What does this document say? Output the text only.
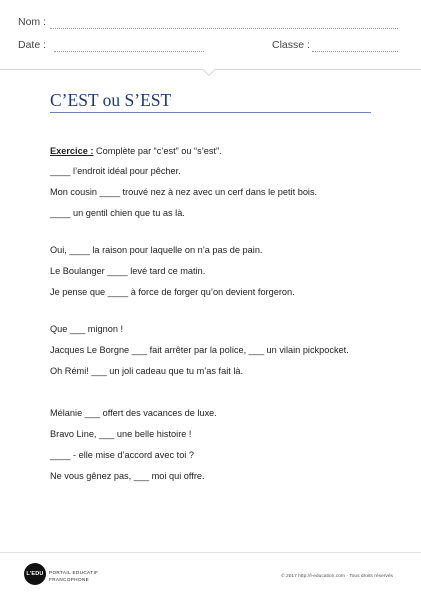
Nom :
Date :	Classe :
C’EST ou S’EST
Exercice : Complète par “c’est” ou “s’est”.
____ l’endroit idéal pour pêcher.
Mon cousin ____ trouvé nez à nez avec un cerf dans le petit bois.
____ un gentil chien que tu as là.
Oui, ____ la raison pour laquelle on n’a pas de pain.
Le Boulanger ____ levé tard ce matin.
Je pense que ____ à force de forger qu’on devient forgeron.
Que ___ mignon !
Jacques Le Borgne ___ fait arrêter par la police, ___ un vilain pickpocket.
Oh Rémi! ___ un joli cadeau que tu m’as fait là.
Mélanie ___ offert des vacances de luxe.
Bravo Line, ___ une belle histoire !
____ - elle mise d’accord avec toi ?
Ne vous gênez pas, ___ moi qui offre.
L’EDU PORTAIL EDUCATIF
FRANCOPHONE
© 2017 http://l-education.com - Tous droits réservés
